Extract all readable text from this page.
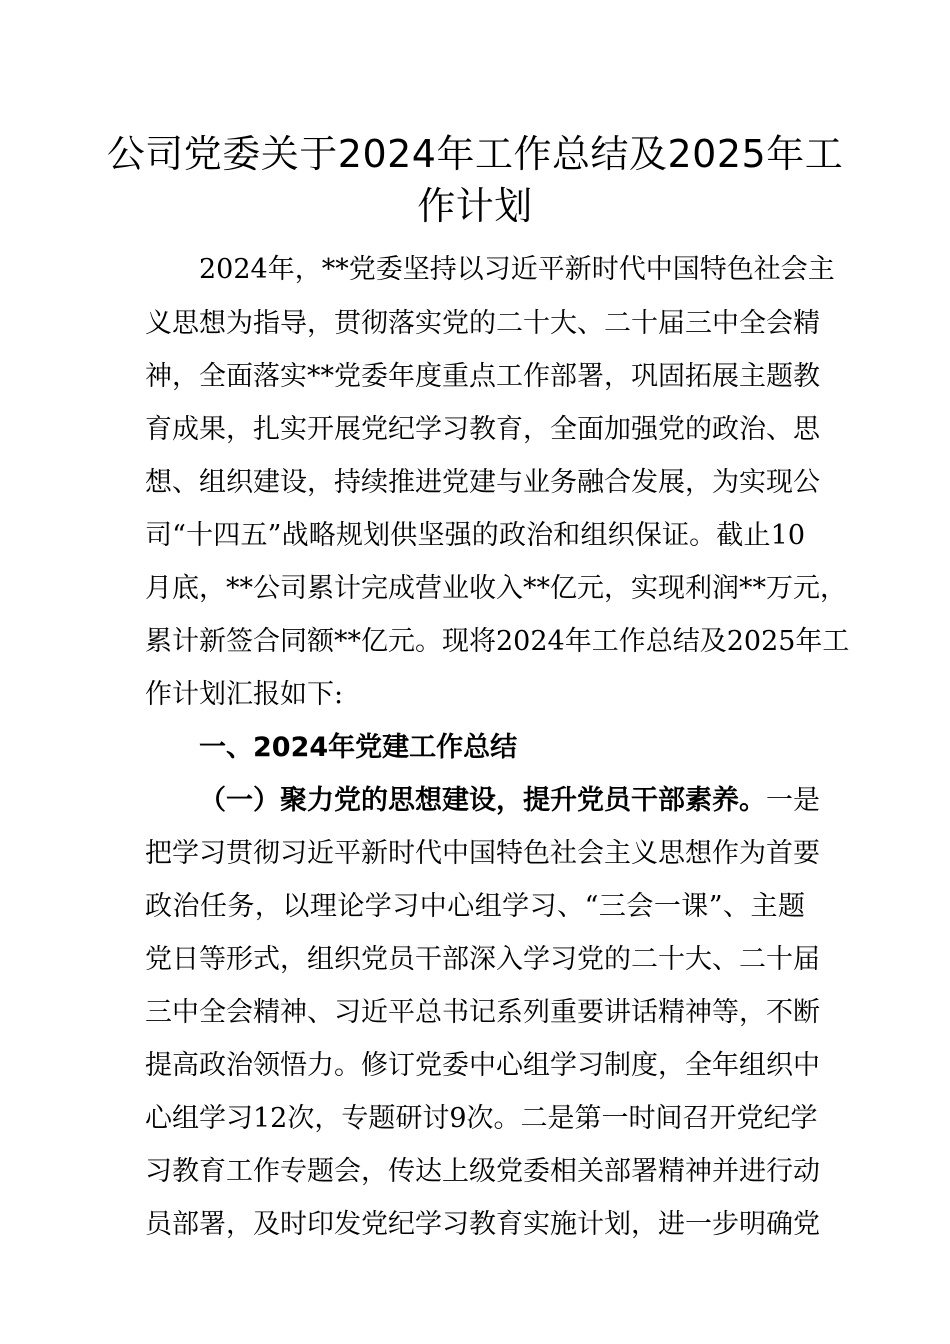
公司党委关于2024年工作总结及2025年工
作计划

2024年，**党委坚持以习近平新时代中国特色社会主

义思想为指导，贯彻落实党的二十大、二十届三中全会精

神，全面落实**党委年度重点工作部署，巩固拓展主题教

育成果，扎实开展党纪学习教育，全面加强党的政治、思

想、组织建设，持续推进党建与业务融合发展，为实现公

司“十四五”战略规划供坚强的政治和组织保证。截止10

月底，**公司累计完成营业收入**亿元，实现利润**万元，

累计新签合同额**亿元。现将2024年工作总结及2025年工

作计划汇报如下:

一、2024年党建工作总结

（一）聚力党的思想建设，提升党员干部素养。一是

把学习贯彻习近平新时代中国特色社会主义思想作为首要

政治任务，以理论学习中心组学习、“三会一课”、主题

党日等形式，组织党员干部深入学习党的二十大、二十届

三中全会精神、习近平总书记系列重要讲话精神等，不断

提高政治领悟力。修订党委中心组学习制度，全年组织中

心组学习12次，专题研讨9次。二是第一时间召开党纪学

习教育工作专题会，传达上级党委相关部署精神并进行动

员部署，及时印发党纪学习教育实施计划，进一步明确党
